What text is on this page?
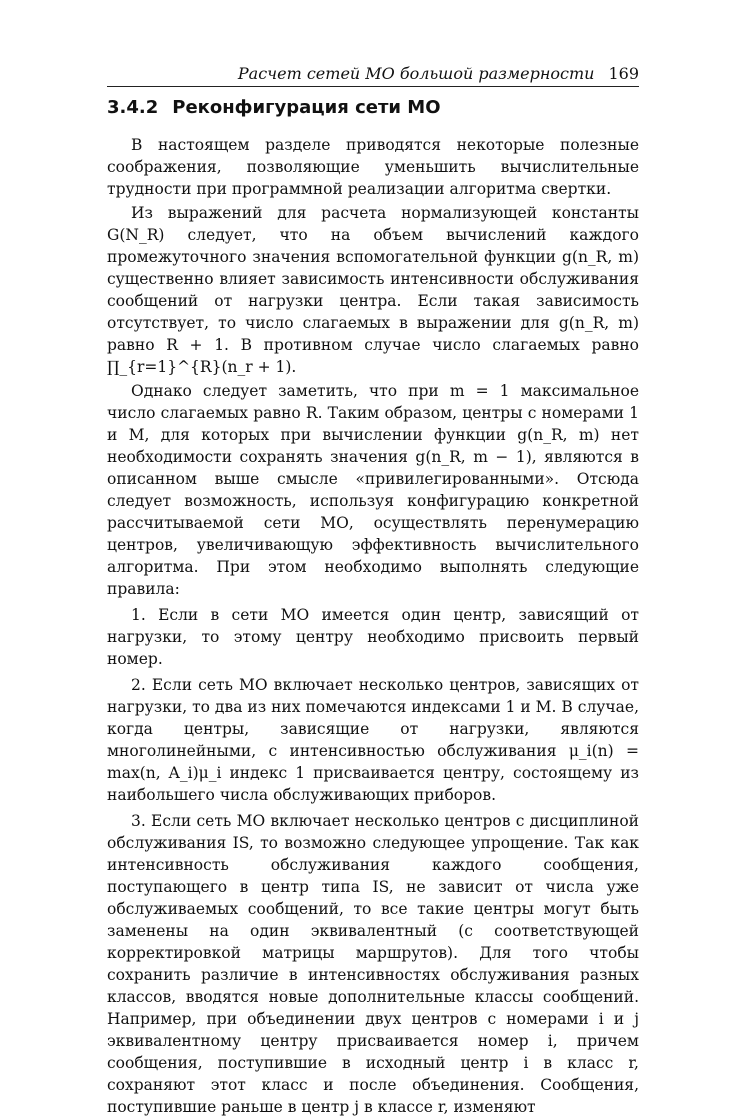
Расчет сетей МО большой размерности 169
3.4.2 Реконфигурация сети МО

В настоящем разделе приводятся некоторые полезные соображения, позволяющие уменьшить вычислительные трудности при программной реализации алгоритма свертки.

Из выражений для расчета нормализующей константы G(N_R) следует, что на объем вычислений каждого промежуточного значения вспомогательной функции g(n_R, m) существенно влияет зависимость интенсивности обслуживания сообщений от нагрузки центра. Если такая зависимость отсутствует, то число слагаемых в выражении для g(n_R, m) равно R + 1. В противном случае число слагаемых равно ∏_{r=1}^{R}(n_r + 1).

Однако следует заметить, что при m = 1 максимальное число слагаемых равно R. Таким образом, центры с номерами 1 и M, для которых при вычислении функции g(n_R, m) нет необходимости сохранять значения g(n_R, m − 1), являются в описанном выше смысле «привилегированными». Отсюда следует возможность, используя конфигурацию конкретной рассчитываемой сети МО, осуществлять перенумерацию центров, увеличивающую эффективность вычислительного алгоритма. При этом необходимо выполнять следующие правила:

1. Если в сети МО имеется один центр, зависящий от нагрузки, то этому центру необходимо присвоить первый номер.

2. Если сеть МО включает несколько центров, зависящих от нагрузки, то два из них помечаются индексами 1 и M. В случае, когда центры, зависящие от нагрузки, являются многолинейными, с интенсивностью обслуживания μ_i(n) = max(n, A_i)μ_i индекс 1 присваивается центру, состоящему из наибольшего числа обслуживающих приборов.

3. Если сеть МО включает несколько центров с дисциплиной обслуживания IS, то возможно следующее упрощение. Так как интенсивность обслуживания каждого сообщения, поступающего в центр типа IS, не зависит от числа уже обслуживаемых сообщений, то все такие центры могут быть заменены на один эквивалентный (с соответствующей корректировкой матрицы маршрутов). Для того чтобы сохранить различие в интенсивностях обслуживания разных классов, вводятся новые дополнительные классы сообщений. Например, при объединении двух центров с номерами i и j эквивалентному центру присваивается номер i, причем сообщения, поступившие в исходный центр i в класс r, сохраняют этот класс и после объединения. Сообщения, поступившие раньше в центр j в классе r, изменяют
